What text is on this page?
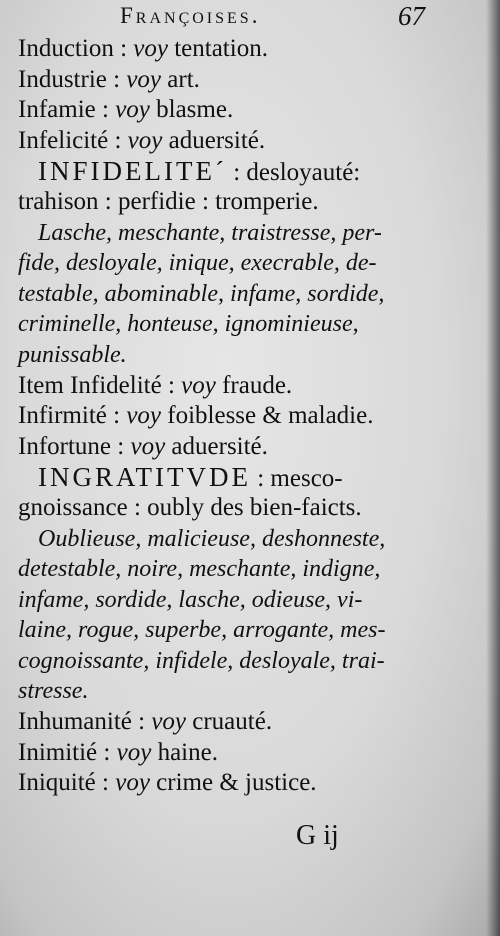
Françoises.	67
Induction : voy tentation.
Industrie : voy art.
Infamie : voy blasme.
Infelicité : voy aduersité.
INFIDELITE´ : desloyauté:
trahison : perfidie : tromperie.
Lasche, meschante, traistresse, per-
fide, desloyale, inique, execrable, de-
testable, abominable, infame, sordide,
criminelle, honteuse, ignominieuse,
punissable.
Item Infidelité : voy fraude.
Infirmité : voy foiblesse & maladie.
Infortune : voy aduersité.
INGRATITVDE : mesco-
gnoissance : oubly des bien-faicts.
Oublieuse, malicieuse, deshonneste,
detestable, noire, meschante, indigne,
infame, sordide, lasche, odieuse, vi-
laine, rogue, superbe, arrogante, mes-
cognoissante, infidele, desloyale, trai-
stresse.
Inhumanité : voy cruauté.
Inimitié : voy haine.
Iniquité : voy crime & justice.
G ij
